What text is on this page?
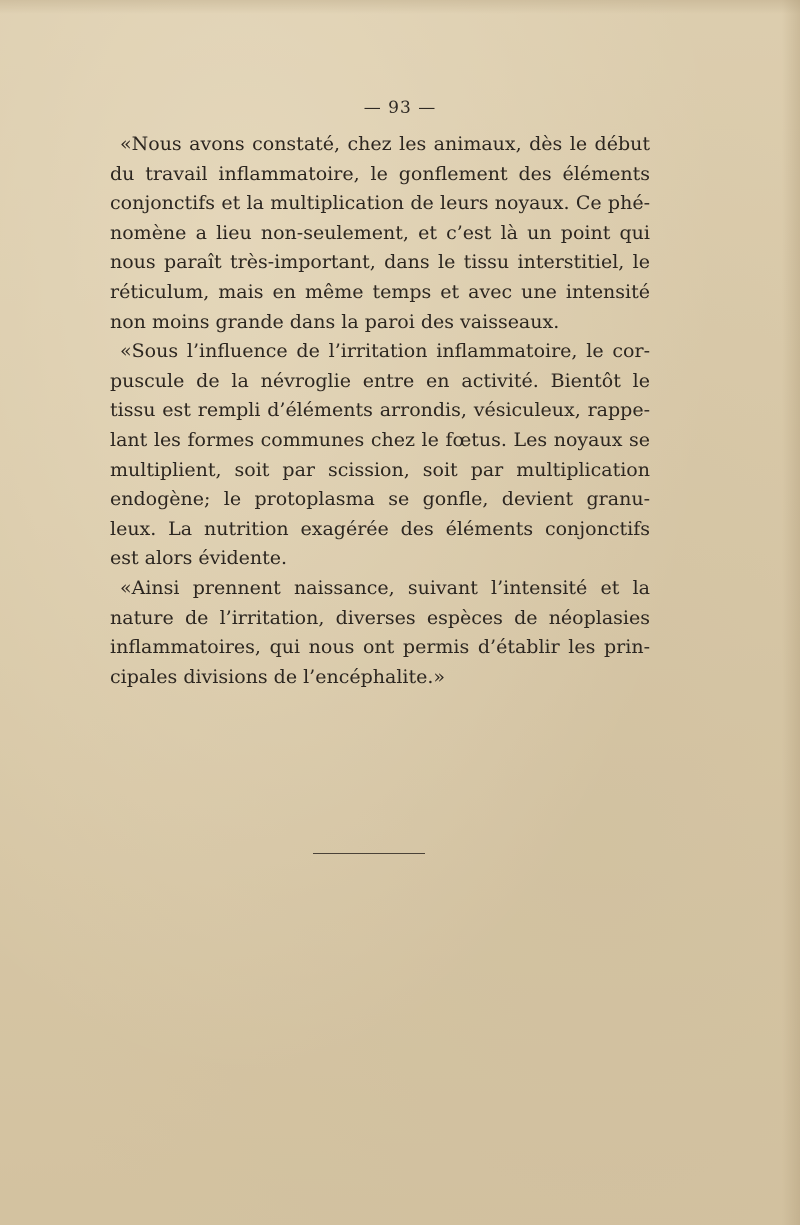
— 93 —
«Nous avons constaté, chez les animaux, dès le début
du travail inflammatoire, le gonflement des éléments
conjonctifs et la multiplication de leurs noyaux. Ce phé-
nomène a lieu non-seulement, et c’est là un point qui
nous paraît très-important, dans le tissu interstitiel, le
réticulum, mais en même temps et avec une intensité
non moins grande dans la paroi des vaisseaux.
«Sous l’influence de l’irritation inflammatoire, le cor-
puscule de la névroglie entre en activité. Bientôt le
tissu est rempli d’éléments arrondis, vésiculeux, rappe-
lant les formes communes chez le fœtus. Les noyaux se
multiplient, soit par scission, soit par multiplication
endogène; le protoplasma se gonfle, devient granu-
leux. La nutrition exagérée des éléments conjonctifs
est alors évidente.
«Ainsi prennent naissance, suivant l’intensité et la
nature de l’irritation, diverses espèces de néoplasies
inflammatoires, qui nous ont permis d’établir les prin-
cipales divisions de l’encéphalite.»
